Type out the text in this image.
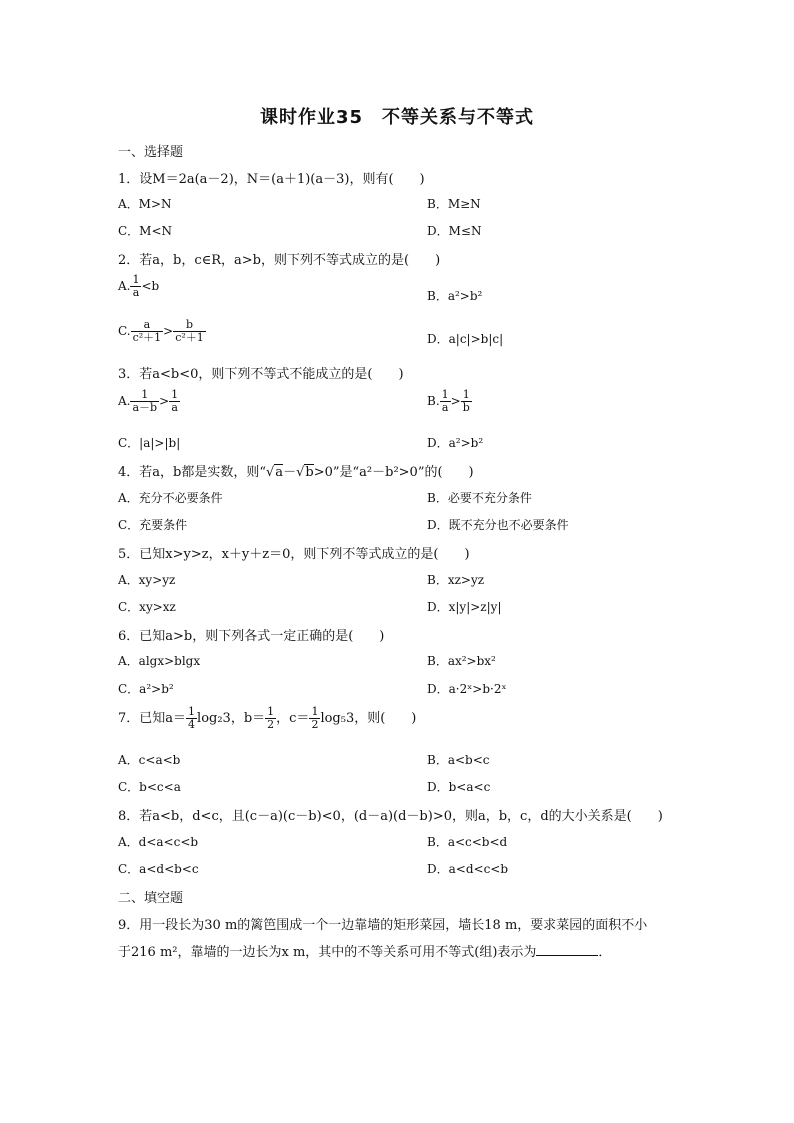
课时作业35　不等关系与不等式
一、选择题
1．设M＝2a(a－2)，N＝(a＋1)(a－3)，则有(　　)
A．M>N	B．M≥N
C．M<N	D．M≤N
2．若a，b，c∈R，a>b，则下列不等式成立的是(　　)
A. $\frac{1}{a} <b$
B．a²>b²
C. $\frac{a}{\text{c²＋1}} > \frac{b}{\text{c²＋1}}$	D．a|c|>b|c|
3．若a<b<0，则下列不等式不能成立的是(　　)
A. $\frac{1}{a-b} > \frac{1}{a}$	B. $\frac{1}{a} > \frac{1}{b}$
C．|a|>|b|	D．a²>b²
4．若a，b都是实数，则“√a－√b>0”是“a²－b²>0”的(　　)
A．充分不必要条件	B．必要不充分条件
C．充要条件	D．既不充分也不必要条件
5．已知x>y>z，x＋y＋z＝0，则下列不等式成立的是(　　)
A．xy>yz	B．xz>yz
C．xy>xz	D．x|y|>z|y|
6．已知a>b，则下列各式一定正确的是(　　)
A．algx>blgx	B．ax²>bx²
C．a²>b²	D．a·2ˣ>b·2ˣ
7．已知$a= \frac{1}{4} \log_23$，$b= \frac{1}{2}$ ，$c= \frac{1}{2} \log_53$，则(　　)
A．c<a<b	B．a<b<c
C．b<c<a	D．b<a<c
8．若a<b，d<c，且(c－a)(c－b)<0，(d－a)(d－b)>0，则a，b，c，d的大小关系是(　　)
A．d<a<c<b	B．a<c<b<d
C．a<d<b<c	D．a<d<c<b
二、填空题
9．用一段长为30 m的篱笆围成一个一边靠墙的矩形菜园，墙长18 m，要求菜园的面积不小
于216 m²，靠墙的一边长为x m，其中的不等关系可用不等式(组)表示为	．
